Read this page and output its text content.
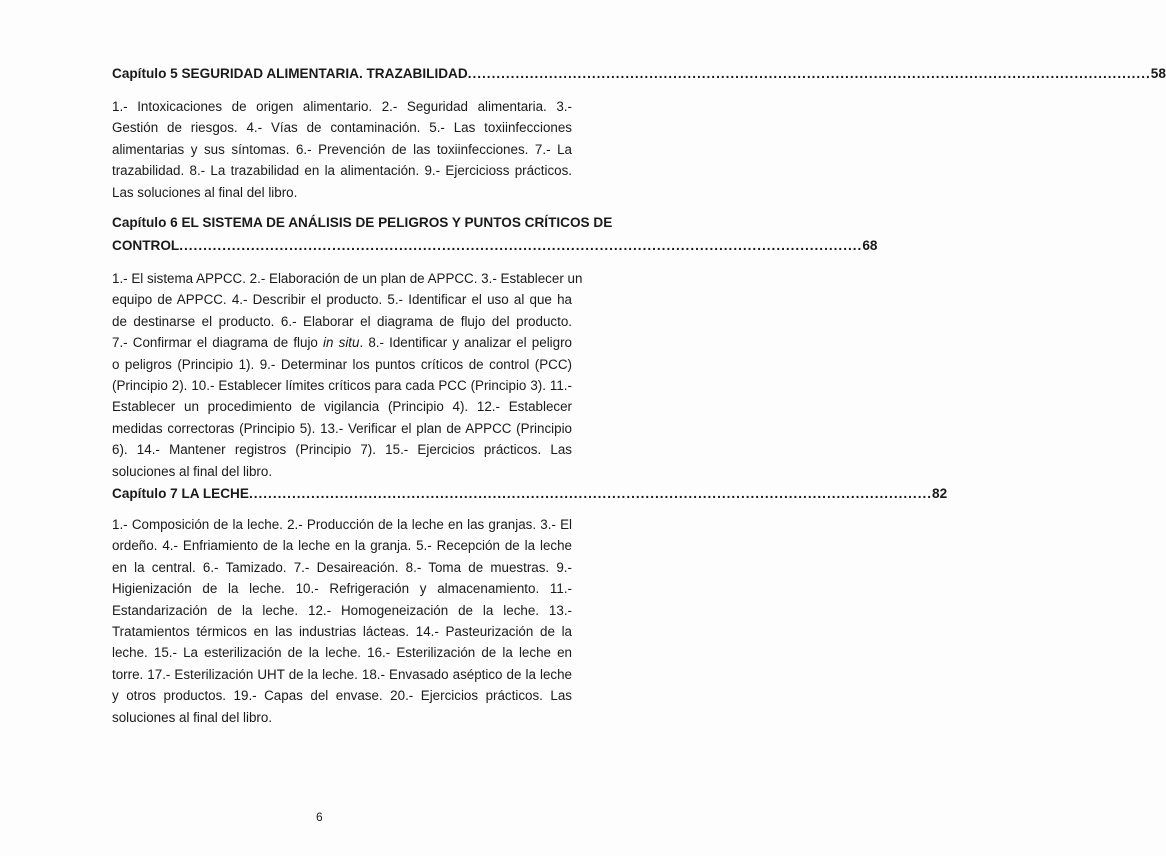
Capítulo 5 SEGURIDAD ALIMENTARIA. TRAZABILIDAD ............................................................................................................................................... 58
1.- Intoxicaciones de origen alimentario. 2.- Seguridad alimentaria. 3.-
Gestión de riesgos. 4.- Vías de contaminación. 5.- Las toxiinfecciones
alimentarias y sus síntomas. 6.- Prevención de las toxiinfecciones. 7.- La
trazabilidad. 8.- La trazabilidad en la alimentación. 9.- Ejercicioss prácticos.
Las soluciones al final del libro.
Capítulo 6 EL SISTEMA DE ANÁLISIS DE PELIGROS Y PUNTOS CRÍTICOS DE
CONTROL ............................................................................................................................................... 68
1.- El sistema APPCC. 2.- Elaboración de un plan de APPCC. 3.- Establecer un
equipo de APPCC. 4.- Describir el producto. 5.- Identificar el uso al que ha
de destinarse el producto. 6.- Elaborar el diagrama de flujo del producto.
7.- Confirmar el diagrama de flujo in situ. 8.- Identificar y analizar el peligro
o peligros (Principio 1). 9.- Determinar los puntos críticos de control (PCC)
(Principio 2). 10.- Establecer límites críticos para cada PCC (Principio 3). 11.-
Establecer un procedimiento de vigilancia (Principio 4). 12.- Establecer
medidas correctoras (Principio 5). 13.- Verificar el plan de APPCC (Principio
6). 14.- Mantener registros (Principio 7). 15.- Ejercicios prácticos. Las
soluciones al final del libro.
Capítulo 7 LA LECHE ............................................................................................................................................... 82
1.- Composición de la leche. 2.- Producción de la leche en las granjas. 3.- El
ordeño. 4.- Enfriamiento de la leche en la granja. 5.- Recepción de la leche
en la central. 6.- Tamizado. 7.- Desaireación. 8.- Toma de muestras. 9.-
Higienización de la leche. 10.- Refrigeración y almacenamiento. 11.-
Estandarización de la leche. 12.- Homogeneización de la leche. 13.-
Tratamientos térmicos en las industrias lácteas. 14.- Pasteurización de la
leche. 15.- La esterilización de la leche. 16.- Esterilización de la leche en
torre. 17.- Esterilización UHT de la leche. 18.- Envasado aséptico de la leche
y otros productos. 19.- Capas del envase. 20.- Ejercicios prácticos. Las
soluciones al final del libro.
6
